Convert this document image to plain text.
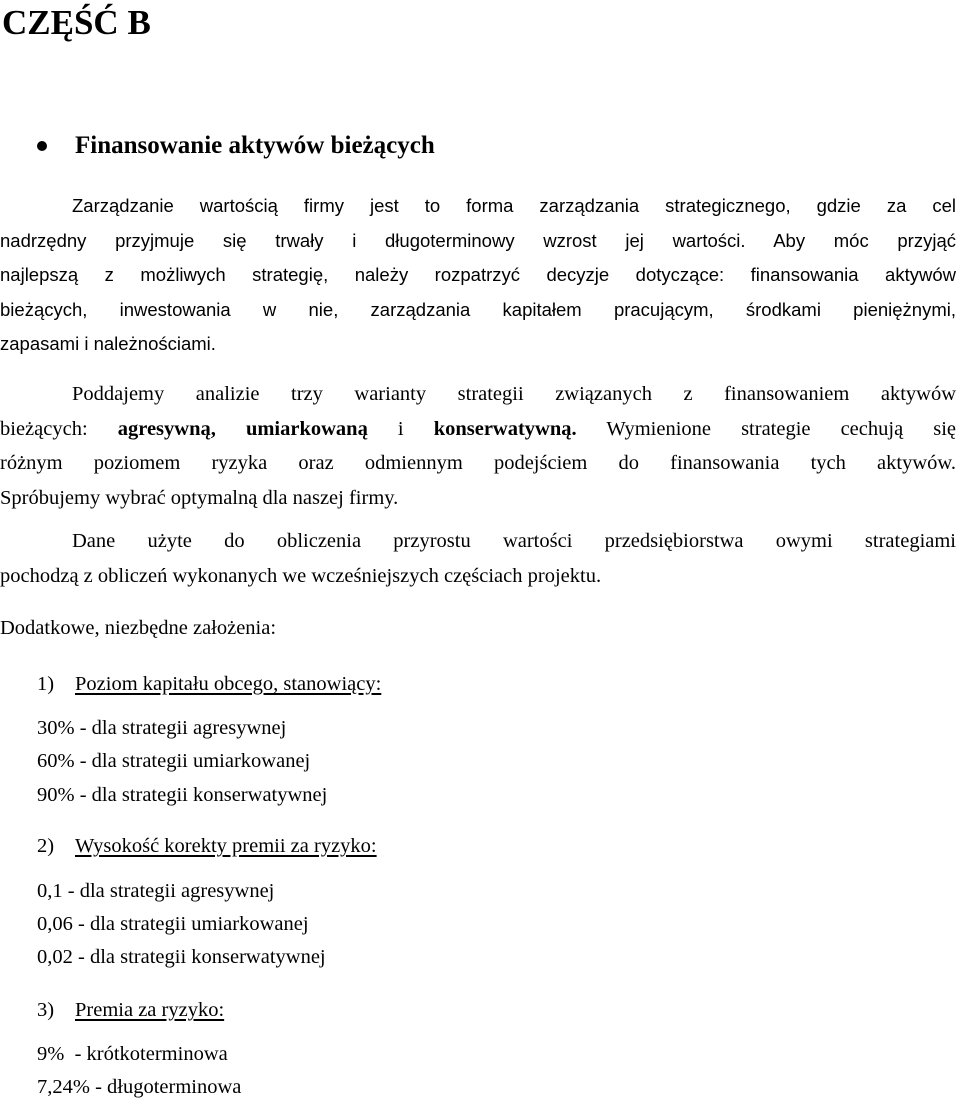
CZĘŚĆ B
Finansowanie aktywów bieżących
Zarządzanie wartością firmy jest to forma zarządzania strategicznego, gdzie za cel
nadrzędny przyjmuje się trwały i długoterminowy wzrost jej wartości. Aby móc przyjąć
najlepszą z możliwych strategię, należy rozpatrzyć decyzje dotyczące: finansowania aktywów
bieżących, inwestowania w nie, zarządzania kapitałem pracującym, środkami pieniężnymi,
zapasami i należnościami.
Poddajemy analizie trzy warianty strategii związanych z finansowaniem aktywów
bieżących: agresywną, umiarkowaną i konserwatywną. Wymienione strategie cechują się
różnym poziomem ryzyka oraz odmiennym podejściem do finansowania tych aktywów.
Spróbujemy wybrać optymalną dla naszej firmy.
Dane użyte do obliczenia przyrostu wartości przedsiębiorstwa owymi strategiami
pochodzą z obliczeń wykonanych we wcześniejszych częściach projektu.
Dodatkowe, niezbędne założenia:
1) Poziom kapitału obcego, stanowiący:
30% - dla strategii agresywnej
60% - dla strategii umiarkowanej
90% - dla strategii konserwatywnej
2) Wysokość korekty premii za ryzyko:
0,1 - dla strategii agresywnej
0,06 - dla strategii umiarkowanej
0,02 - dla strategii konserwatywnej
3) Premia za ryzyko:
9%  - krótkoterminowa
7,24% - długoterminowa
